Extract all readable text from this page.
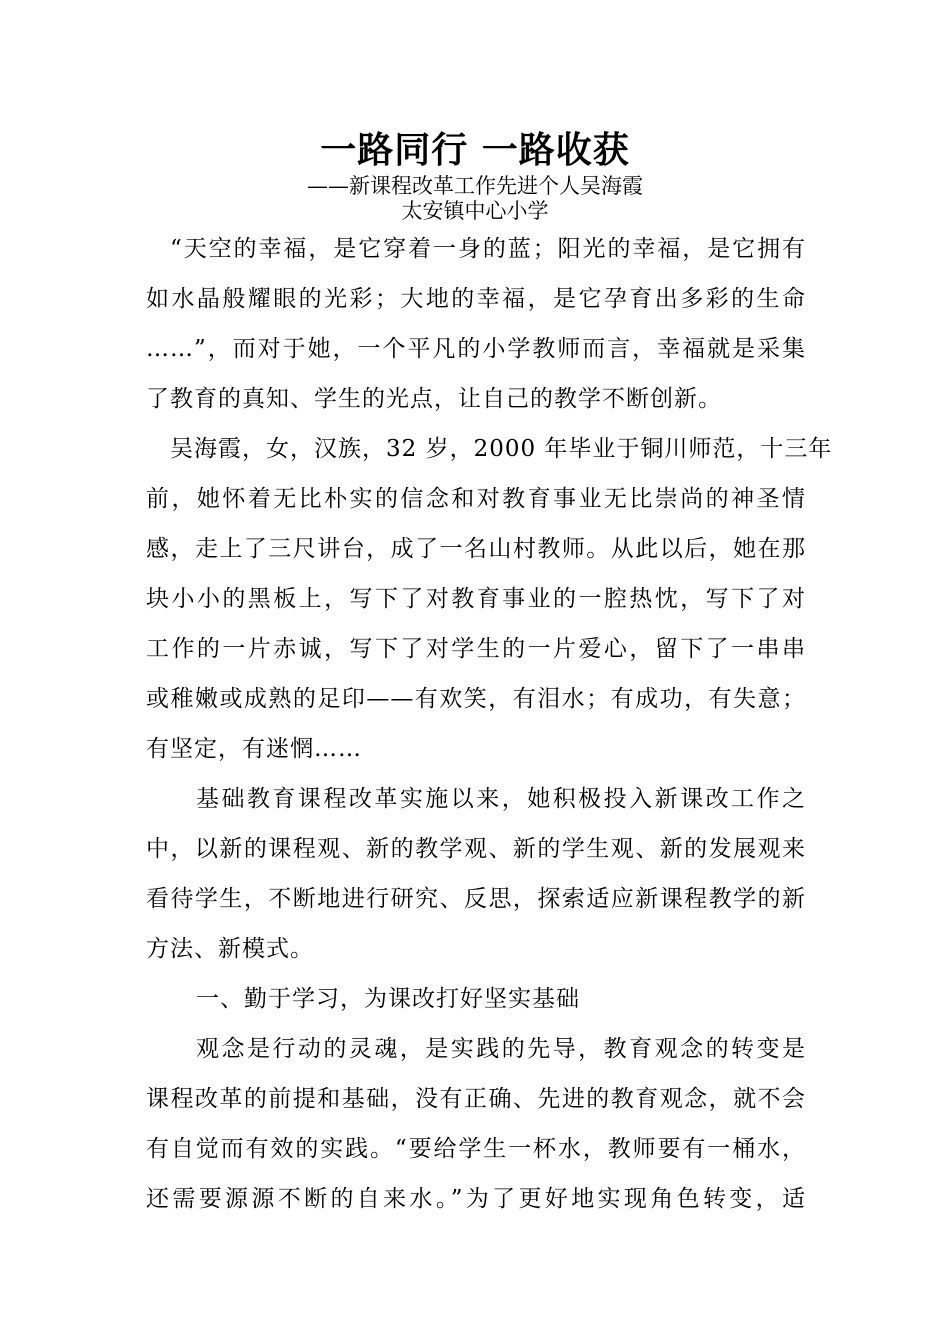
一路同行 一路收获
——新课程改革工作先进个人吴海霞
太安镇中心小学
“天空的幸福，是它穿着一身的蓝；阳光的幸福，是它拥有
如水晶般耀眼的光彩；大地的幸福，是它孕育出多彩的生命
……”，而对于她，一个平凡的小学教师而言，幸福就是采集
了教育的真知、学生的光点，让自己的教学不断创新。
吴海霞，女，汉族，32 岁，2000 年毕业于铜川师范，十三年
前，她怀着无比朴实的信念和对教育事业无比崇尚的神圣情
感，走上了三尺讲台，成了一名山村教师。从此以后，她在那
块小小的黑板上，写下了对教育事业的一腔热忱，写下了对
工作的一片赤诚，写下了对学生的一片爱心，留下了一串串
或稚嫩或成熟的足印——有欢笑，有泪水；有成功，有失意；
有坚定，有迷惘……
基础教育课程改革实施以来，她积极投入新课改工作之
中，以新的课程观、新的教学观、新的学生观、新的发展观来
看待学生，不断地进行研究、反思，探索适应新课程教学的新
方法、新模式。
一、勤于学习，为课改打好坚实基础
观念是行动的灵魂，是实践的先导，教育观念的转变是
课程改革的前提和基础，没有正确、先进的教育观念，就不会
有自觉而有效的实践。“要给学生一杯水，教师要有一桶水，
还需要源源不断的自来水。”为了更好地实现角色转变，适
